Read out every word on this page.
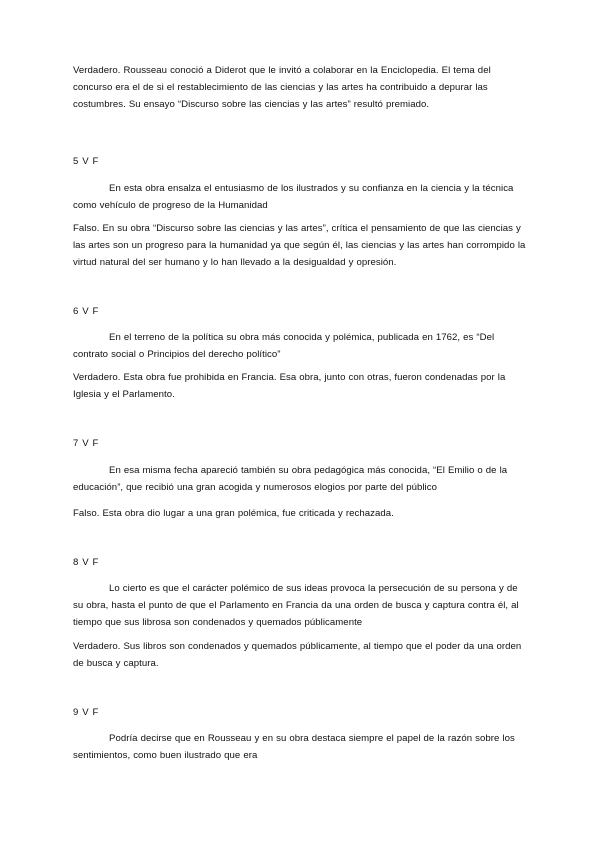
Verdadero. Rousseau conoció a Diderot que le invitó a colaborar en la Enciclopedia. El tema del concurso era el de si el restablecimiento de las ciencias y las artes ha contribuido a depurar las costumbres. Su ensayo “Discurso sobre las ciencias y las artes” resultó premiado.

5 V F

En esta obra ensalza el entusiasmo de los ilustrados y su confianza en la ciencia y la técnica como vehículo de progreso de la Humanidad

Falso. En su obra “Discurso sobre las ciencias y las artes”, crítica el pensamiento de que las ciencias y las artes son un progreso para la humanidad ya que según él, las ciencias y las artes han corrompido la virtud natural del ser humano y lo han llevado a la desigualdad y opresión.

6 V F

En el terreno de la política su obra más conocida y polémica, publicada en 1762, es “Del contrato social o Principios del derecho político”

Verdadero. Esta obra fue prohibida en Francia. Esa obra, junto con otras, fueron condenadas por la Iglesia y el Parlamento.

7 V F

En esa misma fecha apareció también su obra pedagógica más conocida, “El Emilio o de la educación”, que recibió una gran acogida y numerosos elogios por parte del público

Falso. Esta obra dio lugar a una gran polémica, fue criticada y rechazada.

8 V F

Lo cierto es que el carácter polémico de sus ideas provoca la persecución de su persona y de su obra, hasta el punto de que el Parlamento en Francia da una orden de busca y captura contra él, al tiempo que sus librosa son condenados y quemados públicamente

Verdadero. Sus libros son condenados y quemados públicamente, al tiempo que el poder da una orden de busca y captura.

9 V F

Podría decirse que en Rousseau y en su obra destaca siempre el papel de la razón sobre los sentimientos, como buen ilustrado que era
